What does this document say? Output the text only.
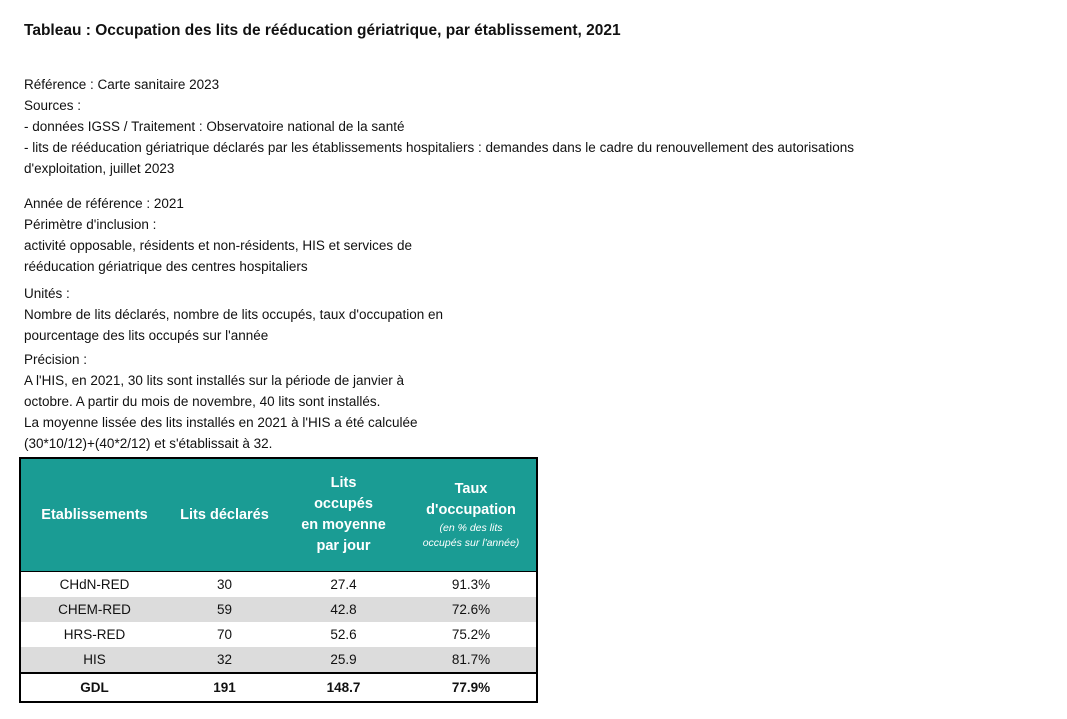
Tableau : Occupation des lits de rééducation gériatrique, par établissement, 2021
Référence : Carte sanitaire 2023
Sources :
- données IGSS / Traitement : Observatoire national de la santé
- lits de rééducation gériatrique déclarés par les établissements hospitaliers : demandes dans le cadre du renouvellement des autorisations
d'exploitation, juillet 2023
Année de référence : 2021
Périmètre d'inclusion :
activité opposable, résidents et non-résidents, HIS et services de
rééducation gériatrique des centres hospitaliers
Unités :
Nombre de lits déclarés, nombre de lits occupés, taux d'occupation en
pourcentage des lits occupés sur l'année
Précision :
A l'HIS, en 2021, 30 lits sont installés sur la période de janvier à
octobre. A partir du mois de novembre, 40 lits sont installés.
La moyenne lissée des lits installés en 2021 à l'HIS a été calculée
(30*10/12)+(40*2/12) et s'établissait à 32.
Etablissements	Lits déclarés	Lits
occupés
en moyenne
par jour	Taux
d'occupation
(en % des lits
occupés sur l'année)

CHdN-RED	30	27.4	91.3%
CHEM-RED	59	42.8	72.6%
HRS-RED	70	52.6	75.2%
HIS	32	25.9	81.7%
GDL	191	148.7	77.9%
